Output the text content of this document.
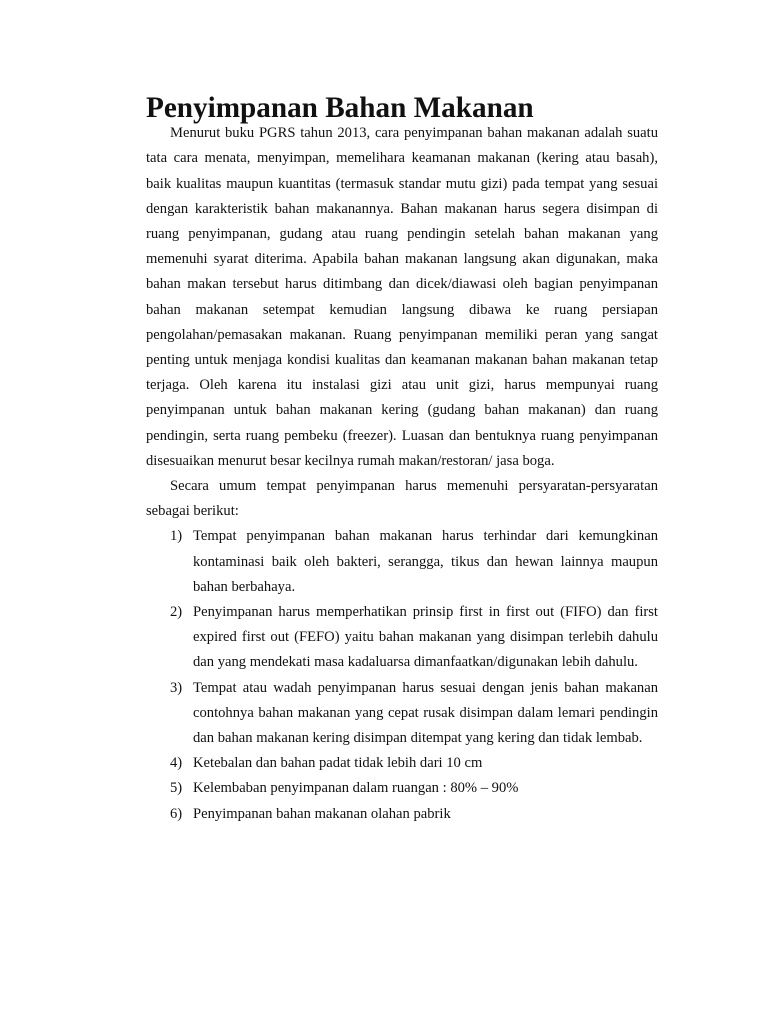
Penyimpanan Bahan Makanan

Menurut buku PGRS tahun 2013, cara penyimpanan bahan makanan adalah suatu tata cara menata, menyimpan, memelihara keamanan makanan (kering atau basah), baik kualitas maupun kuantitas (termasuk standar mutu gizi) pada tempat yang sesuai dengan karakteristik bahan makanannya. Bahan makanan harus segera disimpan di ruang penyimpanan, gudang atau ruang pendingin setelah bahan makanan yang memenuhi syarat diterima. Apabila bahan makanan langsung akan digunakan, maka bahan makan tersebut harus ditimbang dan dicek/diawasi oleh bagian penyimpanan bahan makanan setempat kemudian langsung dibawa ke ruang persiapan pengolahan/pemasakan makanan. Ruang penyimpanan memiliki peran yang sangat penting untuk menjaga kondisi kualitas dan keamanan makanan bahan makanan tetap terjaga. Oleh karena itu instalasi gizi atau unit gizi, harus mempunyai ruang penyimpanan untuk bahan makanan kering (gudang bahan makanan) dan ruang pendingin, serta ruang pembeku (freezer). Luasan dan bentuknya ruang penyimpanan disesuaikan menurut besar kecilnya rumah makan/restoran/ jasa boga.

Secara umum tempat penyimpanan harus memenuhi persyaratan-persyaratan sebagai berikut:

1) Tempat penyimpanan bahan makanan harus terhindar dari kemungkinan kontaminasi baik oleh bakteri, serangga, tikus dan hewan lainnya maupun bahan berbahaya.
2) Penyimpanan harus memperhatikan prinsip first in first out (FIFO) dan first expired first out (FEFO) yaitu bahan makanan yang disimpan terlebih dahulu dan yang mendekati masa kadaluarsa dimanfaatkan/digunakan lebih dahulu.
3) Tempat atau wadah penyimpanan harus sesuai dengan jenis bahan makanan contohnya bahan makanan yang cepat rusak disimpan dalam lemari pendingin dan bahan makanan kering disimpan ditempat yang kering dan tidak lembab.
4) Ketebalan dan bahan padat tidak lebih dari 10 cm
5) Kelembaban penyimpanan dalam ruangan : 80% – 90%
6) Penyimpanan bahan makanan olahan pabrik
